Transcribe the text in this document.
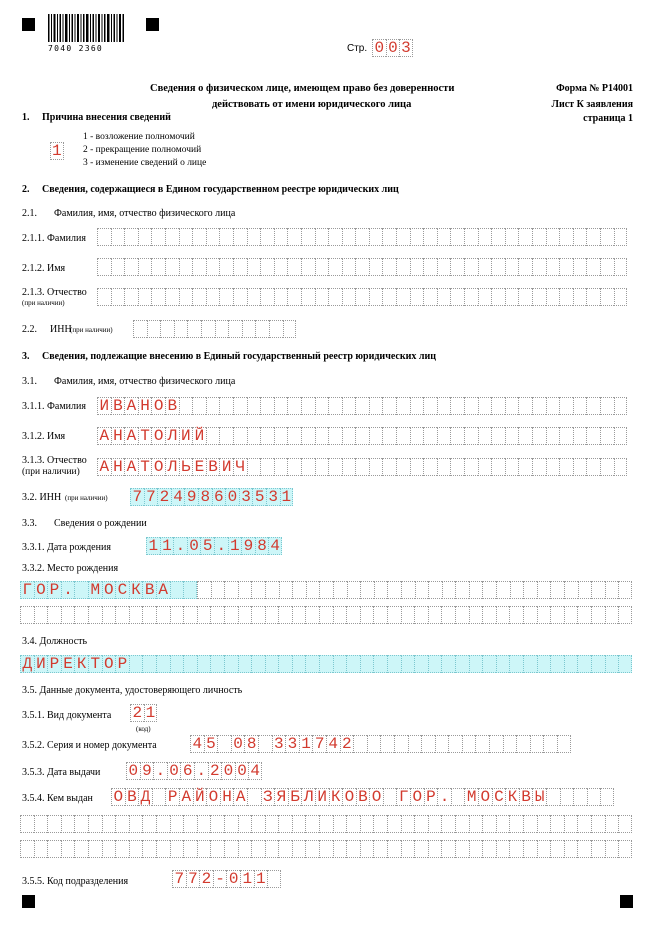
7040 2360	Стр. 0 0 3
Сведения о физическом лице, имеющем право без доверенности
действовать от имени юридического лица
Форма № Р14001
Лист К заявления
страница 1
1. Причина внесения сведений
1
1 - возложение полномочий
2 - прекращение полномочий
3 - изменение сведений о лице
2. Сведения, содержащиеся в Едином государственном реестре юридических лиц
2.1. Фамилия, имя, отчество физического лица
2.1.1. Фамилия
2.1.2. Имя
2.1.3. Отчество
(при наличии)
2.2. ИНН
(при наличии)
3. Сведения, подлежащие внесению в Единый государственный реестр юридических лиц
3.1. Фамилия, имя, отчество физического лица
3.1.1. Фамилия И В А Н О В
3.1.2. Имя А Н А Т О Л И Й
3.1.3. Отчество
(при наличии) А Н А Т О Л Ь Е В И Ч
3.2. ИНН (при наличии) 7 7 2 4 9 8 6 0 3 5 3 1
3.3. Сведения о рождении
3.3.1. Дата рождения 1 1 . 0 5 . 1 9 8 4
3.3.2. Место рождения
Г О Р . М О С К В А
3.4. Должность
Д И Р Е К Т О Р
3.5. Данные документа, удостоверяющего личность
3.5.1. Вид документа 2 1
(код)
3.5.2. Серия и номер документа 4 5 0 8 3 3 1 7 4 2
3.5.3. Дата выдачи 0 9 . 0 6 . 2 0 0 4
3.5.4. Кем выдан О В Д Р А Й О Н А З Я Б Л И К О В О Г О Р . М О С К В Ы
3.5.5. Код подразделения	7 7 2 - 0 1 1
